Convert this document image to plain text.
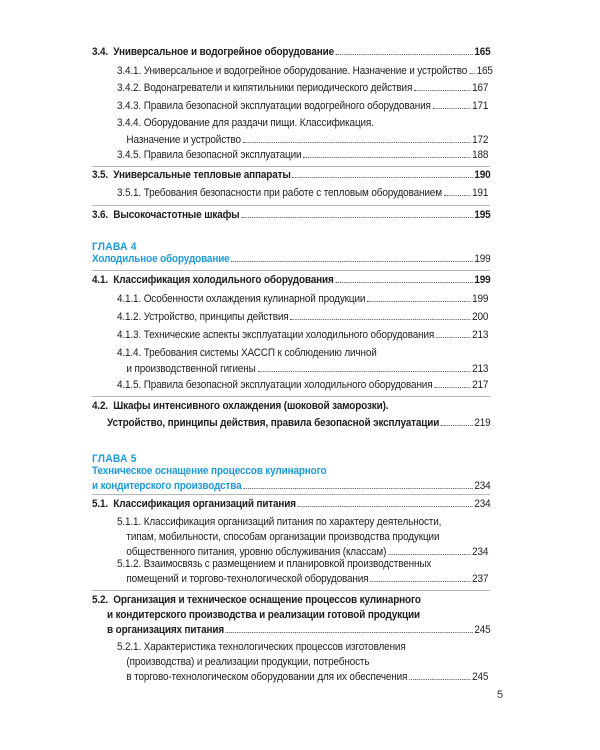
3.4. Универсальное и водогрейное оборудование	165
3.4.1. Универсальное и водогрейное оборудование. Назначение и устройство 165
3.4.2. Водонагреватели и кипятильники периодического действия	167
3.4.3. Правила безопасной эксплуатации водогрейного оборудования	171
3.4.4. Оборудование для раздачи пищи. Классификация.
Назначение и устройство	172
3.4.5. Правила безопасной эксплуатации	188
3.5. Универсальные тепловые аппараты	190
3.5.1. Требования безопасности при работе с тепловым оборудованием	191
3.6. Высокочастотные шкафы	195
ГЛАВА 4
Холодильное оборудование	199
4.1. Классификация холодильного оборудования	199
4.1.1. Особенности охлаждения кулинарной продукции	199
4.1.2. Устройство, принципы действия	200
4.1.3. Технические аспекты эксплуатации холодильного оборудования	213
4.1.4. Требования системы ХАССП к соблюдению личной
и производственной гигиены	213
4.1.5. Правила безопасной эксплуатации холодильного оборудования	217
4.2. Шкафы интенсивного охлаждения (шоковой заморозки).
Устройство, принципы действия, правила безопасной эксплуатации	219
ГЛАВА 5
Техническое оснащение процессов кулинарного
и кондитерского производства	234
5.1. Классификация организаций питания	234
5.1.1. Классификация организаций питания по характеру деятельности,
типам, мобильности, способам организации производства продукции
общественного питания, уровню обслуживания (классам)	234
5.1.2. Взаимосвязь с размещением и планировкой производственных
помещений и торгово-технологической оборудования	237
5.2. Организация и техническое оснащение процессов кулинарного
и кондитерского производства и реализации готовой продукции
в организациях питания	245
5.2.1. Характеристика технологических процессов изготовления
(производства) и реализации продукции, потребность
в торгово-технологическом оборудовании для их обеспечения	245
5
